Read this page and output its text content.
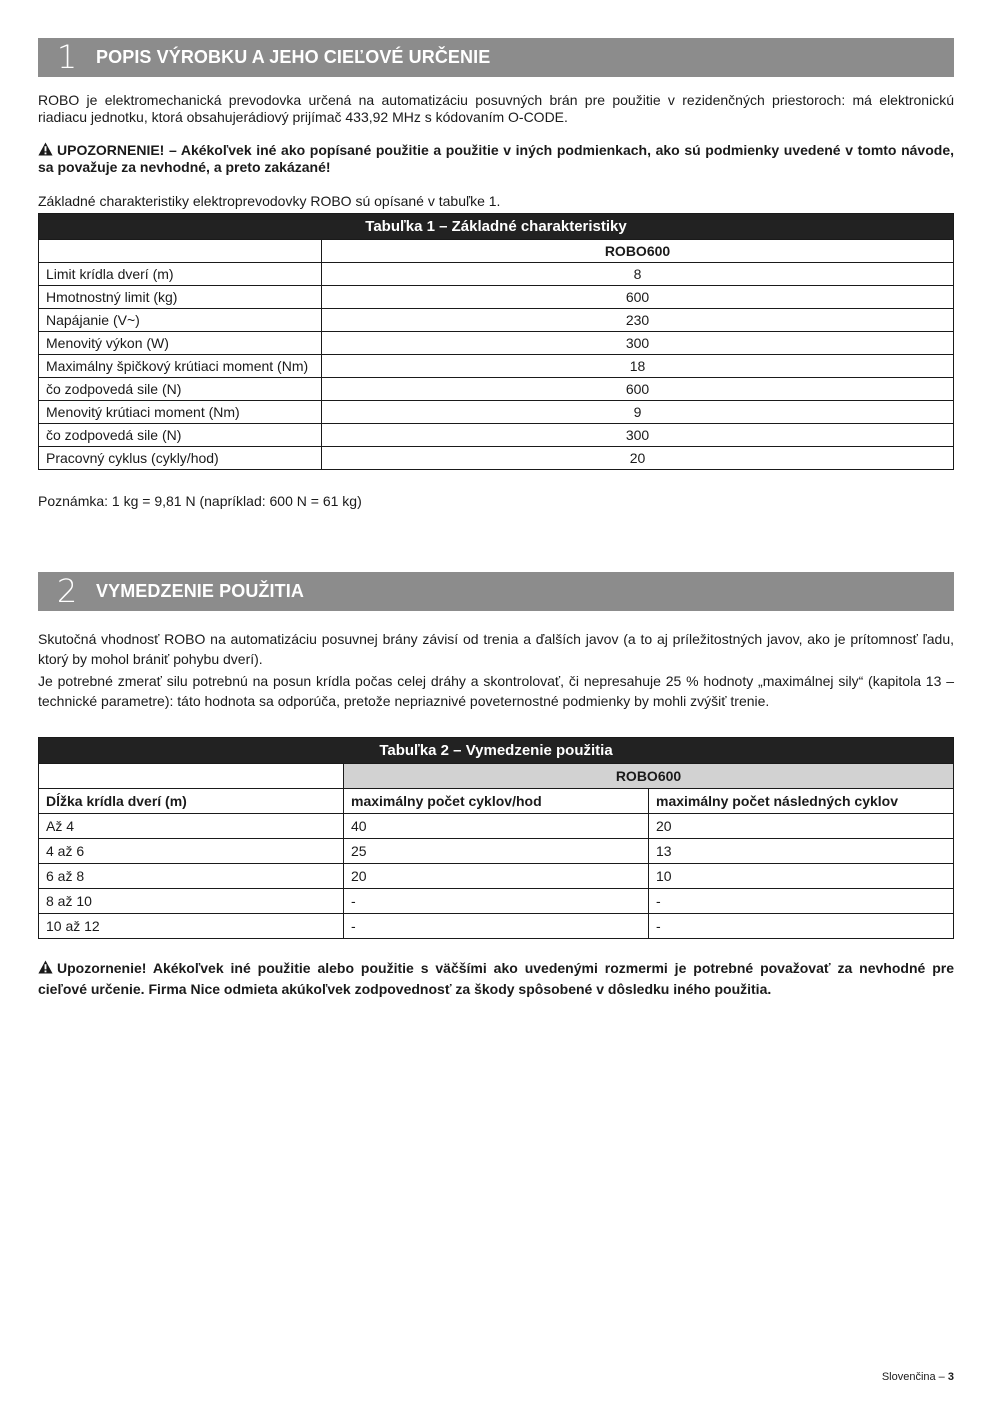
1	POPIS VÝROBKU A JEHO CIEĽOVÉ URČENIE
ROBO je elektromechanická prevodovka určená na automatizáciu posuvných brán pre použitie v rezidenčných priestoroch: má elektronickú riadiacu jednotku, ktorá obsahujerádiový prijímač 433,92 MHz s kódovaním O-CODE.
UPOZORNENIE! – Akékoľvek iné ako popísané použitie a použitie v iných podmienkach, ako sú podmienky uvedené v tomto návode, sa považuje za nevhodné, a preto zakázané!
Základné charakteristiky elektroprevodovky ROBO sú opísané v tabuľke 1.
Tabuľka 1 – Základné charakteristiky	
	ROBO600
Limit krídla dverí (m)	8
Hmotnostný limit (kg)	600
Napájanie (V~)	230
Menovitý výkon (W)	300
Maximálny špičkový krútiaci moment (Nm)	18
čo zodpovedá sile (N)	600
Menovitý krútiaci moment (Nm)	9
čo zodpovedá sile (N)	300
Pracovný cyklus (cykly/hod)	20
Poznámka: 1 kg = 9,81 N (napríklad: 600 N = 61 kg)
2	VYMEDZENIE POUŽITIA
Skutočná vhodnosť ROBO na automatizáciu posuvnej brány závisí od trenia a ďalších javov (a to aj príležitostných javov, ako je prítomnosť ľadu, ktorý by mohol brániť pohybu dverí).
Je potrebné zmerať silu potrebnú na posun krídla počas celej dráhy a skontrolovať, či nepresahuje 25 % hodnoty „maximálnej sily“ (kapitola 13 – technické parametre): táto hodnota sa odporúča, pretože nepriaznivé poveternostné podmienky by mohli zvýšiť trenie.
Tabuľka 2 – Vymedzenie použitia		
	ROBO600	
Dĺžka krídla dverí (m)	maximálny počet cyklov/hod	maximálny počet následných cyklov
Až 4	40	20
4 až 6	25	13
6 až 8	20	10
8 až 10	-	-
10 až 12	-	-
Upozornenie! Akékoľvek iné použitie alebo použitie s väčšími ako uvedenými rozmermi je potrebné považovať za nevhodné pre cieľové určenie. Firma Nice odmieta akúkoľvek zodpovednosť za škody spôsobené v dôsledku iného použitia.
Slovenčina – 3
